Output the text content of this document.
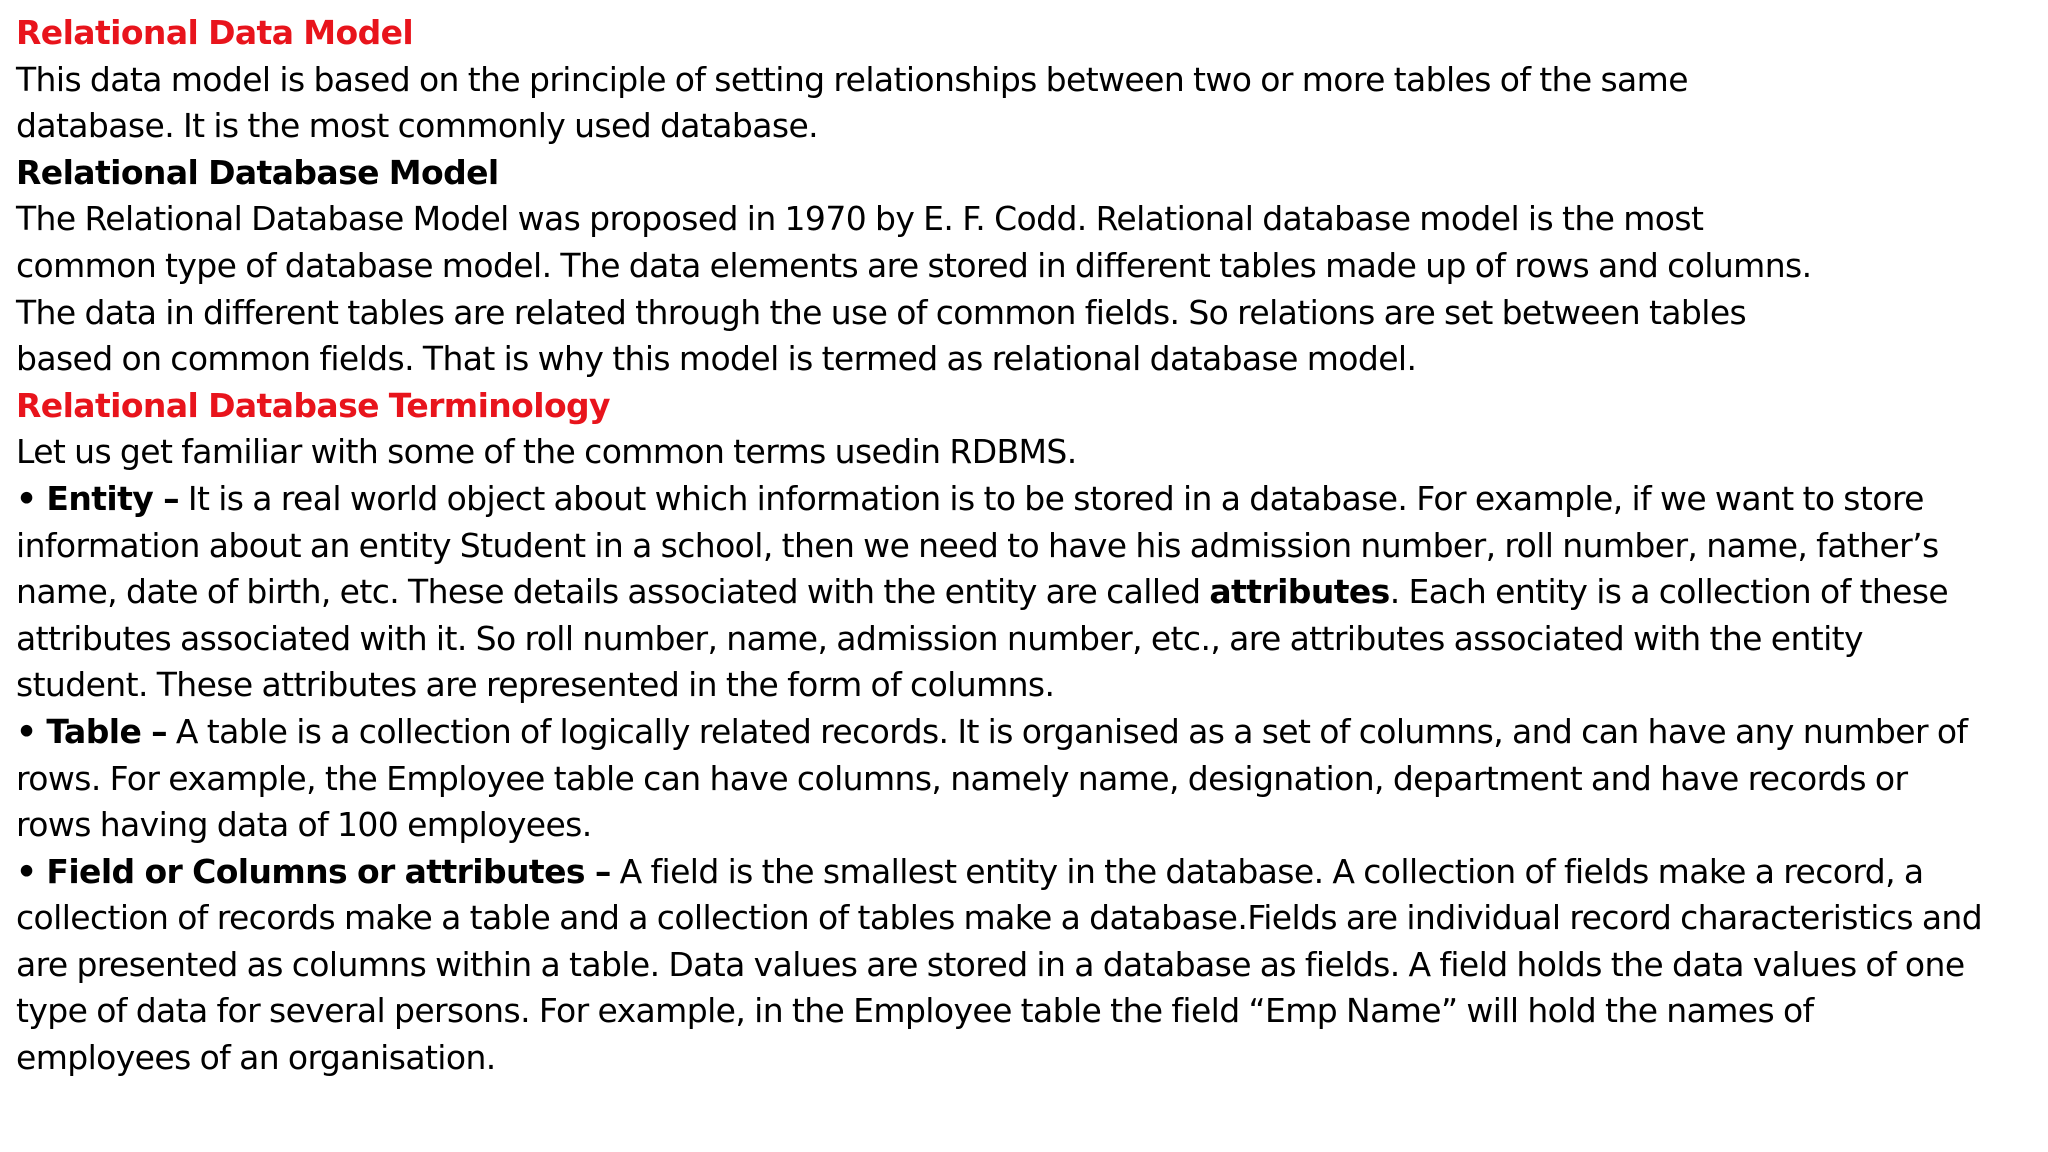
Relational Data Model
This data model is based on the principle of setting relationships between two or more tables of the same
database. It is the most commonly used database.
Relational Database Model
The Relational Database Model was proposed in 1970 by E. F. Codd. Relational database model is the most
common type of database model. The data elements are stored in different tables made up of rows and columns.
The data in different tables are related through the use of common fields. So relations are set between tables
based on common fields. That is why this model is termed as relational database model.
Relational Database Terminology
Let us get familiar with some of the common terms usedin RDBMS.
• Entity – It is a real world object about which information is to be stored in a database. For example, if we want to store
information about an entity Student in a school, then we need to have his admission number, roll number, name, father’s
name, date of birth, etc. These details associated with the entity are called attributes. Each entity is a collection of these
attributes associated with it. So roll number, name, admission number, etc., are attributes associated with the entity
student. These attributes are represented in the form of columns.
• Table – A table is a collection of logically related records. It is organised as a set of columns, and can have any number of
rows. For example, the Employee table can have columns, namely name, designation, department and have records or
rows having data of 100 employees.
• Field or Columns or attributes – A field is the smallest entity in the database. A collection of fields make a record, a
collection of records make a table and a collection of tables make a database.Fields are individual record characteristics and
are presented as columns within a table. Data values are stored in a database as fields. A field holds the data values of one
type of data for several persons. For example, in the Employee table the field “Emp Name” will hold the names of
employees of an organisation.
